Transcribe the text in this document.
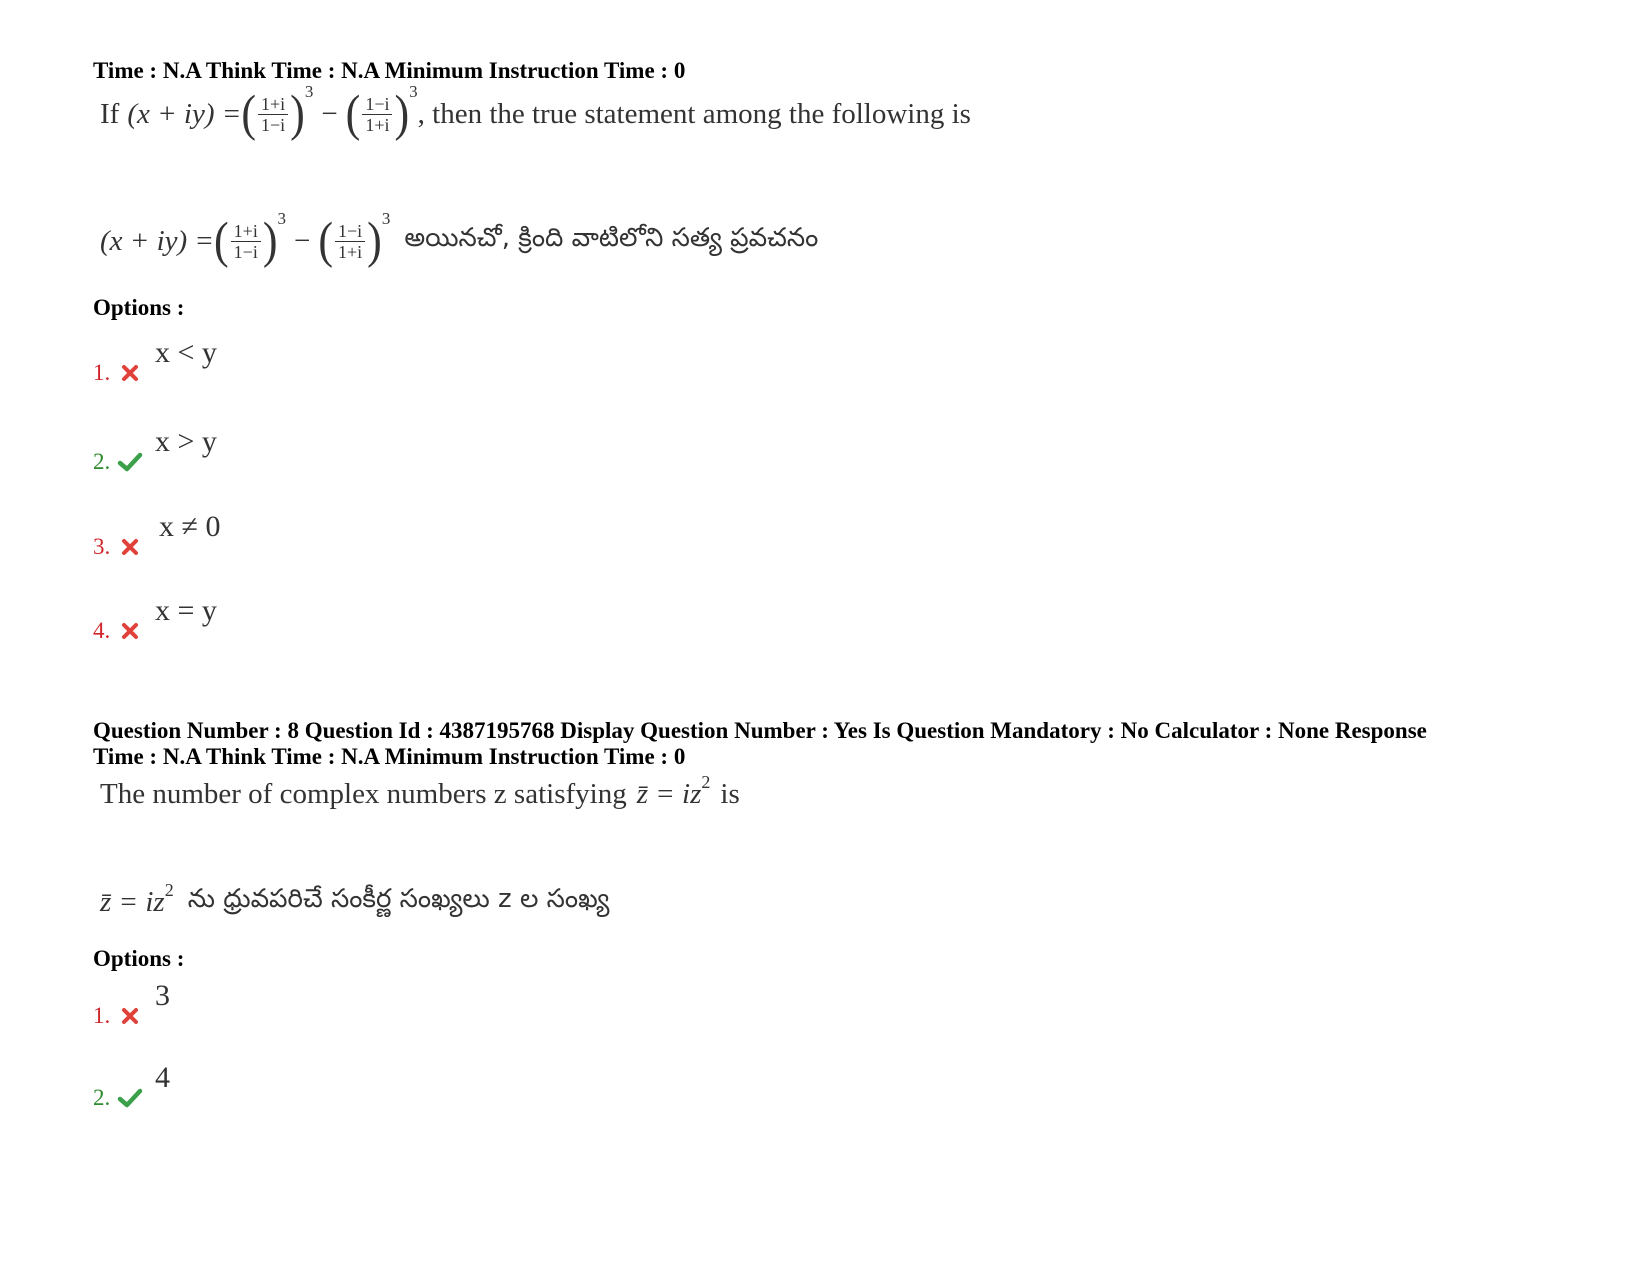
Time : N.A Think Time : N.A Minimum Instruction Time : 0
If (x + iy) = ( $\frac{1+i}{1-i}$ ) 3
− ( $\frac{1-i}{1+i}$ ) 3
, then the true statement among the following is
(x + iy) = ( $\frac{1+i}{1-i}$ ) 3
− ( $\frac{1-i}{1+i}$ ) 3
అయినచో, క్రింది వాటిలోని సత్య ప్రవచనం
Options :
1.
x < y
2.
x > y
3.
x ≠ 0
4.
x = y
Question Number : 8 Question Id : 4387195768 Display Question Number : Yes Is Question Mandatory : No Calculator : None Response
Time : N.A Think Time : N.A Minimum Instruction Time : 0
The number of complex numbers z satisfying z̄ = iz 2 is
z̄ = iz 2 ను ధ్రువపరిచే సంకీర్ణ సంఖ్యలు z ల సంఖ్య
Options :
1.
3
2.
4
